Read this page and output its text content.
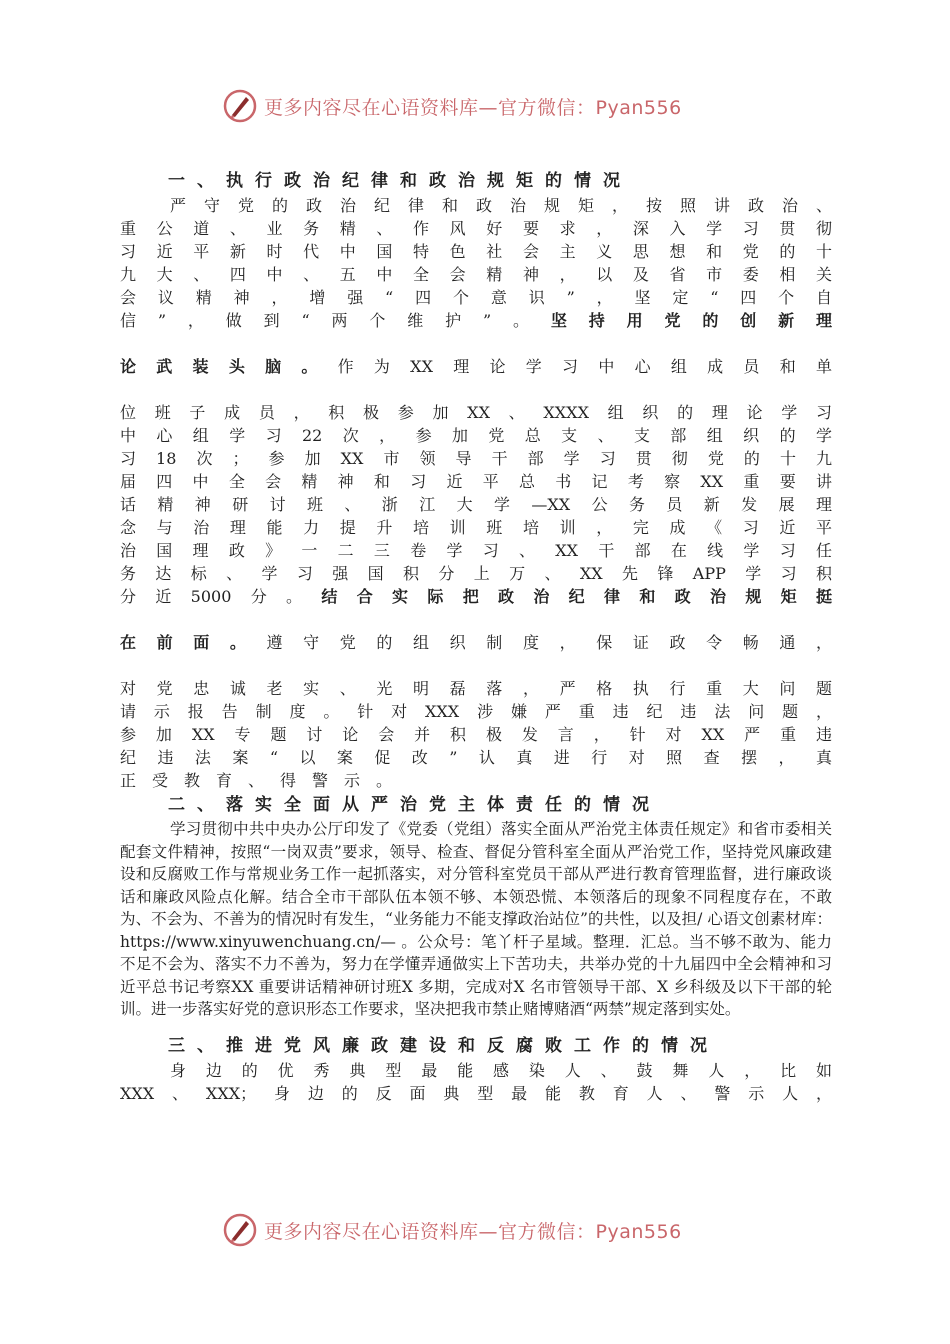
更多内容尽在心语资料库—官方微信：Pyan556

一、执行政治纪律和政治规矩的情况

严守党的政治纪律和政治规矩，按照讲政治、

重公道、业务精、作风好要求，深入学习贯彻

习近平新时代中国特色社会主义思想和党的十

九大、四中、五中全会精神，以及省市委相关

会议精神，增强“四个意识”，坚定“四个自

信”，做到“两个维护”。坚持用党的创新理

论武装头脑。作为XX理论学习中心组成员和单

位班子成员，积极参加XX、XXXX组织的理论学习

中心组学习22次，参加党总支、支部组织的学

习18次；参加XX市领导干部学习贯彻党的十九

届四中全会精神和习近平总书记考察XX重要讲

话精神研讨班、浙江大学—XX公务员新发展理

念与治理能力提升培训班培训，完成《习近平

治国理政》一二三卷学习、XX干部在线学习任

务达标、学习强国积分上万、XX先锋APP学习积

分近5000分。结合实际把政治纪律和政治规矩挺

在前面。遵守党的组织制度，保证政令畅通，

对党忠诚老实、光明磊落，严格执行重大问题

请示报告制度。针对XXX涉嫌严重违纪违法问题，

参加XX专题讨论会并积极发言，针对XX严重违

纪违法案“以案促改”认真进行对照查摆，真

正受教育、得警示。

二、落实全面从严治党主体责任的情况

学习贯彻中共中央办公厅印发了《党委（党组）落实全面从严治党主体责任规定》和省市委相关配套文件精神，按照“一岗双责”要求，领导、检查、督促分管科室全面从严治党工作，坚持党风廉政建设和反腐败工作与常规业务工作一起抓落实，对分管科室党员干部从严进行教育管理监督，进行廉政谈话和廉政风险点化解。结合全市干部队伍本领不够、本领恐慌、本领落后的现象不同程度存在，不敢为、不会为、不善为的情况时有发生，“业务能力不能支撑政治站位”的共性，以及担/ 心语文创素材库：https://www.xinyuwenchuang.cn/— 。公众号：笔丫杆子星域。整理．汇总。当不够不敢为、能力不足不会为、落实不力不善为，努力在学懂弄通做实上下苦功夫，共举办党的十九届四中全会精神和习近平总书记考察XX 重要讲话精神研讨班X 多期，完成对X 名市管领导干部、X 乡科级及以下干部的轮训。进一步落实好党的意识形态工作要求，坚决把我市禁止赌博赌酒“两禁”规定落到实处。

三、推进党风廉政建设和反腐败工作的情况

身边的优秀典型最能感染人、鼓舞人，比如

XXX、XXX；身边的反面典型最能教育人、警示人，

更多内容尽在心语资料库—官方微信：Pyan556
